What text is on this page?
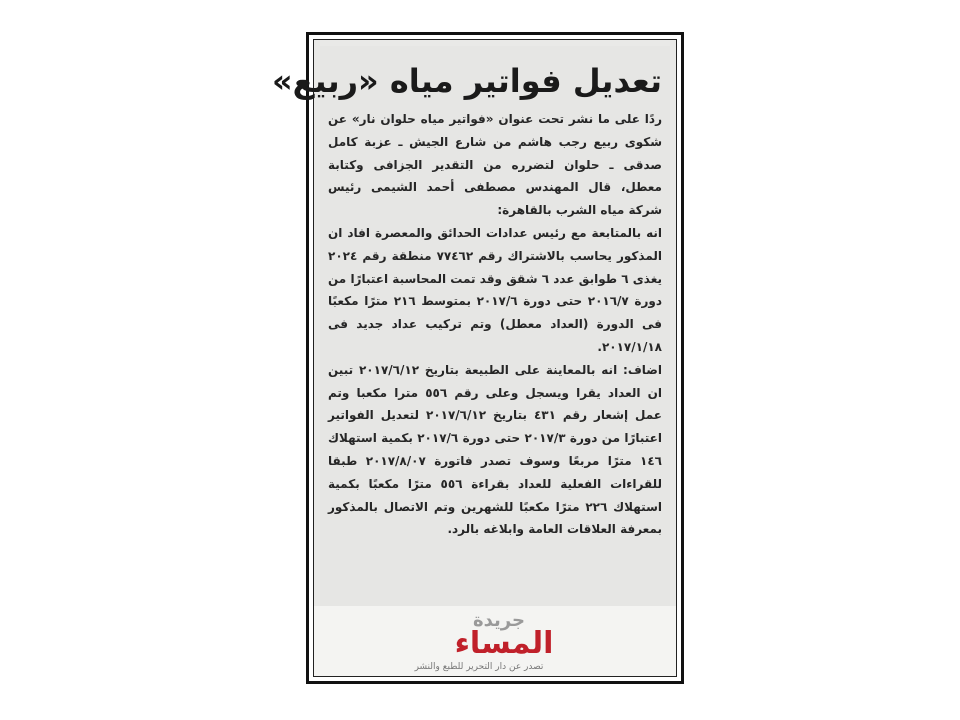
تعديل فواتير مياه «ربيع»

ردًا على ما نشر تحت عنوان «فواتير مياه حلوان نار» عن شكوى ربيع رجب هاشم من شارع الجيش ـ عزبة كامل صدقى ـ حلوان لتضرره من التقدير الجزافى وكتابة معطل، قال المهندس مصطفى أحمد الشيمى رئيس شركة مياه الشرب بالقاهرة:

انه بالمتابعة مع رئيس عدادات الحدائق والمعصرة افاد ان المذكور يحاسب بالاشتراك رقم ٧٧٤٦٢ منطقة رقم ٢٠٢٤ يغذى ٦ طوابق عدد ٦ شقق وقد تمت المحاسبة اعتبارًا من دورة ٢٠١٦/٧ حتى دورة ٢٠١٧/٦ بمتوسط ٢١٦ مترًا مكعبًا فى الدورة (العداد معطل) وتم تركيب عداد جديد فى ٢٠١٧/١/١٨.

اضاف: انه بالمعاينة على الطبيعة بتاريخ ٢٠١٧/٦/١٢ تبين ان العداد يقرا ويسجل وعلى رقم ٥٥٦ مترا مكعبا وتم عمل إشعار رقم ٤٣١ بتاريخ ٢٠١٧/٦/١٢ لتعديل الفواتير اعتبارًا من دورة ٢٠١٧/٣ حتى دورة ٢٠١٧/٦ بكمية استهلاك ١٤٦ مترًا مربعًا وسوف تصدر فاتورة ٢٠١٧/٨/٠٧ طبقا للقراءات الفعلية للعداد بقراءة ٥٥٦ مترًا مكعبًا بكمية استهلاك ٢٢٦ مترًا مكعبًا للشهرين وتم الاتصال بالمذكور بمعرفة العلاقات العامة وابلاغه بالرد.

جريدة
المساء
تصدر عن دار التحرير للطبع والنشر
